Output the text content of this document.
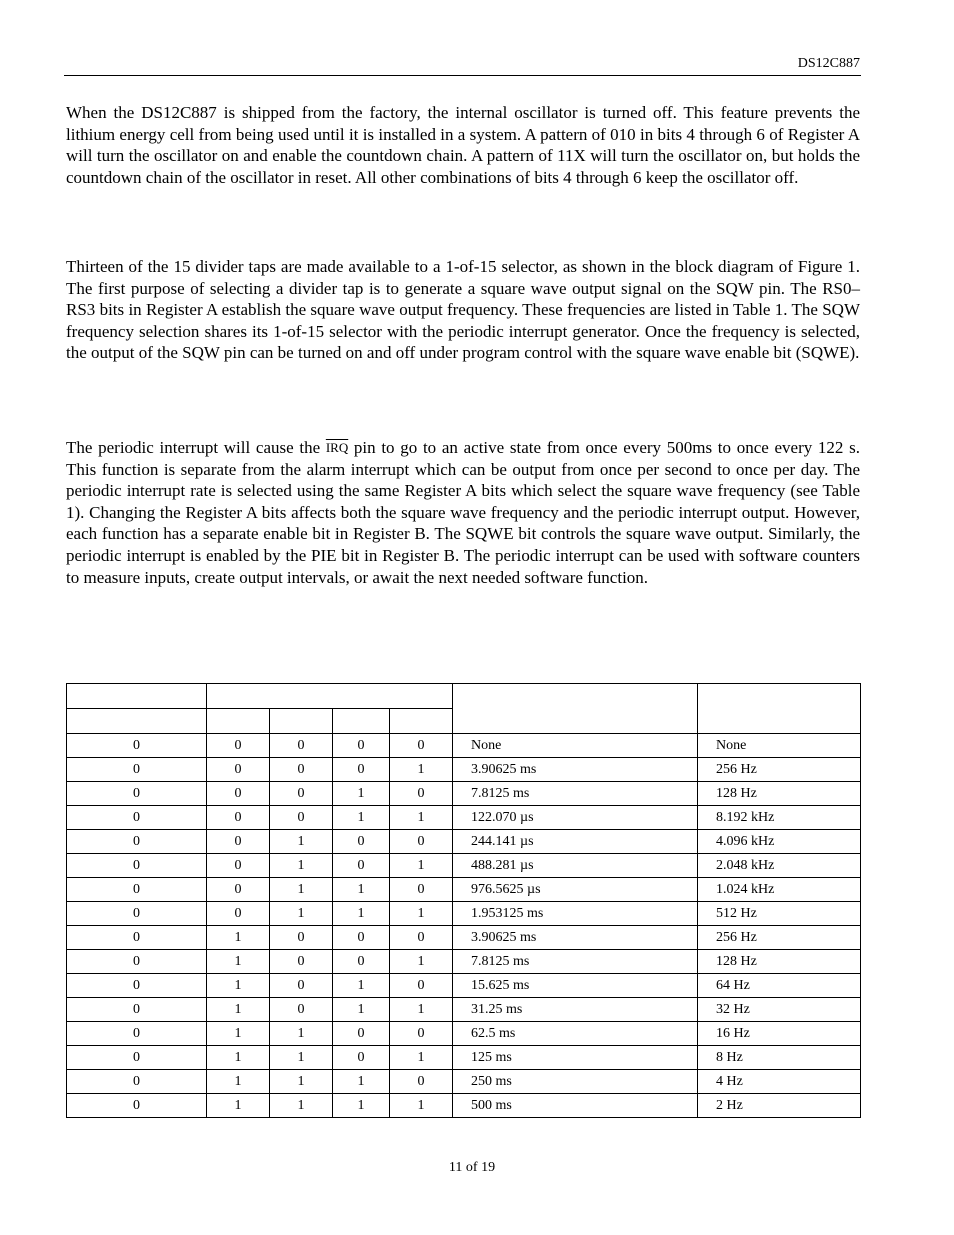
DS12C887

When the DS12C887 is shipped from the factory, the internal oscillator is turned off. This feature prevents the lithium energy cell from being used until it is installed in a system. A pattern of 010 in bits 4 through 6 of Register A will turn the oscillator on and enable the countdown chain. A pattern of 11X will turn the oscillator on, but holds the countdown chain of the oscillator in reset. All other combinations of bits 4 through 6 keep the oscillator off.

Thirteen of the 15 divider taps are made available to a 1-of-15 selector, as shown in the block diagram of Figure 1. The first purpose of selecting a divider tap is to generate a square wave output signal on the SQW pin. The RS0–RS3 bits in Register A establish the square wave output frequency. These frequencies are listed in Table 1. The SQW frequency selection shares its 1-of-15 selector with the periodic interrupt generator. Once the frequency is selected, the output of the SQW pin can be turned on and off under program control with the square wave enable bit (SQWE).

The periodic interrupt will cause the $\overline{IRQ}$ pin to go to an active state from once every 500ms to once every 122 s. This function is separate from the alarm interrupt which can be output from once per second to once per day. The periodic interrupt rate is selected using the same Register A bits which select the square wave frequency (see Table 1). Changing the Register A bits affects both the square wave frequency and the periodic interrupt output. However, each function has a separate enable bit in Register B. The SQWE bit controls the square wave output. Similarly, the periodic interrupt is enabled by the PIE bit in Register B. The periodic interrupt can be used with software counters to measure inputs, create output intervals, or await the next needed software function.

0	0	0	0	0	None	None
0	0	0	0	1	3.90625 ms	256 Hz
0	0	0	1	0	7.8125 ms	128 Hz
0	0	0	1	1	122.070 µs	8.192 kHz
0	0	1	0	0	244.141 µs	4.096 kHz
0	0	1	0	1	488.281 µs	2.048 kHz
0	0	1	1	0	976.5625 µs	1.024 kHz
0	0	1	1	1	1.953125 ms	512 Hz
0	1	0	0	0	3.90625 ms	256 Hz
0	1	0	0	1	7.8125 ms	128 Hz
0	1	0	1	0	15.625 ms	64 Hz
0	1	0	1	1	31.25 ms	32 Hz
0	1	1	0	0	62.5 ms	16 Hz
0	1	1	0	1	125 ms	8 Hz
0	1	1	1	0	250 ms	4 Hz
0	1	1	1	1	500 ms	2 Hz
11 of 19
